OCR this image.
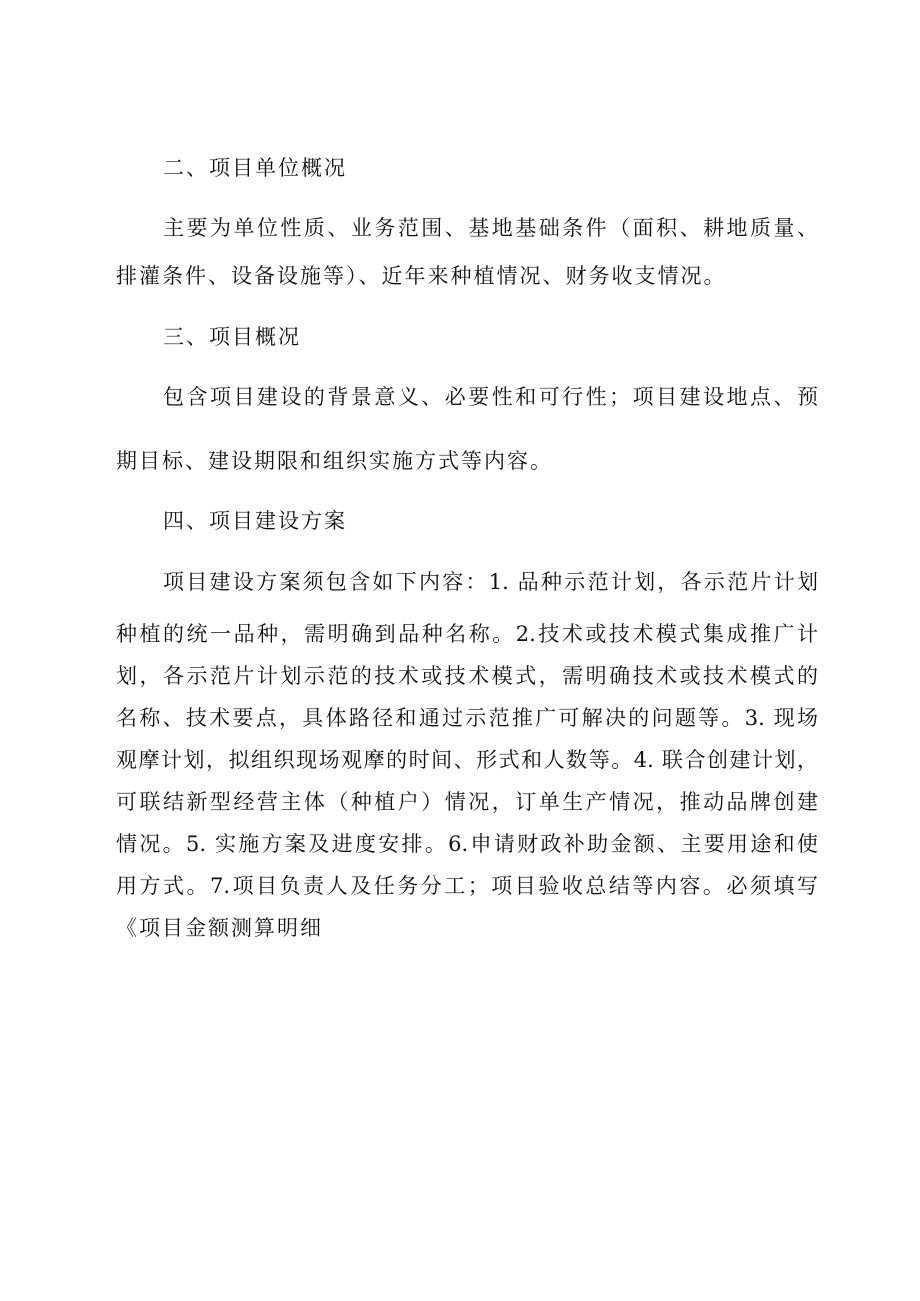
二、项目单位概况
主要为单位性质、业务范围、基地基础条件（面积、耕地质量、
排灌条件、设备设施等）、近年来种植情况、财务收支情况。
三、项目概况
包含项目建设的背景意义、必要性和可行性；项目建设地点、预
期目标、建设期限和组织实施方式等内容。
四、项目建设方案
项目建设方案须包含如下内容：1. 品种示范计划，各示范片计划
种植的统一品种，需明确到品种名称。2.技术或技术模式集成推广计
划，各示范片计划示范的技术或技术模式，需明确技术或技术模式的
名称、技术要点，具体路径和通过示范推广可解决的问题等。3. 现场
观摩计划，拟组织现场观摩的时间、形式和人数等。4. 联合创建计划，
可联结新型经营主体（种植户）情况，订单生产情况，推动品牌创建
情况。5. 实施方案及进度安排。6.申请财政补助金额、主要用途和使
用方式。7.项目负责人及任务分工；项目验收总结等内容。必须填写
《项目金额测算明细
